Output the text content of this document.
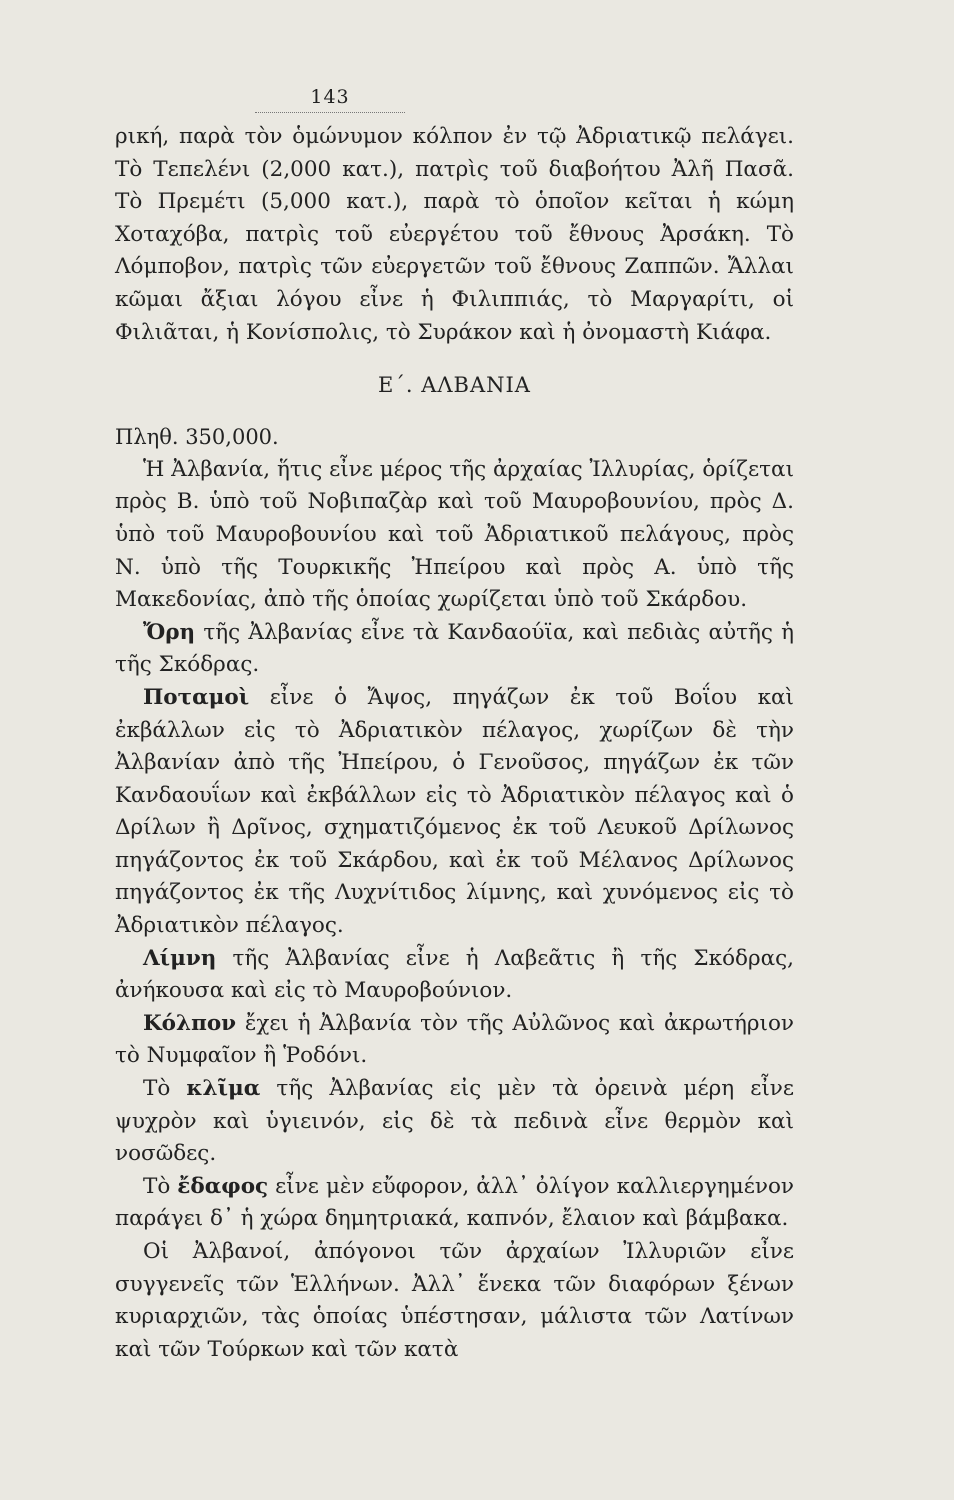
143

ρική, παρὰ τὸν ὁμώνυμον κόλπον ἐν τῷ Ἀδριατικῷ πελάγει. Τὸ Τεπελένι (2,000 κατ.), πατρὶς τοῦ διαβοήτου Ἀλῆ Πασᾶ. Τὸ Πρεμέτι (5,000 κατ.), παρὰ τὸ ὁποῖον κεῖται ἡ κώμη Χοταχόβα, πατρὶς τοῦ εὐεργέτου τοῦ ἔθνους Ἀρσάκη. Τὸ Λόμποβον, πατρὶς τῶν εὐεργετῶν τοῦ ἔθνους Ζαππῶν. Ἄλλαι κῶμαι ἄξιαι λόγου εἶνε ἡ Φιλιππιάς, τὸ Μαργαρίτι, οἱ Φιλιᾶται, ἡ Κονίσπολις, τὸ Συράκον καὶ ἡ ὀνομαστὴ Κιάφα.

Ε΄. ΑΛΒΑΝΙΑ

Πληθ. 350,000.

Ἡ Ἀλβανία, ἥτις εἶνε μέρος τῆς ἀρχαίας Ἰλλυρίας, ὁρίζεται πρὸς Β. ὑπὸ τοῦ Νοβιπαζὰρ καὶ τοῦ Μαυροβουνίου, πρὸς Δ. ὑπὸ τοῦ Μαυροβουνίου καὶ τοῦ Ἀδριατικοῦ πελάγους, πρὸς Ν. ὑπὸ τῆς Τουρκικῆς Ἠπείρου καὶ πρὸς Α. ὑπὸ τῆς Μακεδονίας, ἀπὸ τῆς ὁποίας χωρίζεται ὑπὸ τοῦ Σκάρδου.

Ὄρη τῆς Ἀλβανίας εἶνε τὰ Κανδαούϊα, καὶ πεδιὰς αὐτῆς ἡ τῆς Σκόδρας.

Ποταμοὶ εἶνε ὁ Ἄψος, πηγάζων ἐκ τοῦ Βοΐου καὶ ἐκβάλλων εἰς τὸ Ἀδριατικὸν πέλαγος, χωρίζων δὲ τὴν Ἀλβανίαν ἀπὸ τῆς Ἠπείρου, ὁ Γενοῦσος, πηγάζων ἐκ τῶν Κανδαουΐων καὶ ἐκβάλλων εἰς τὸ Ἀδριατικὸν πέλαγος καὶ ὁ Δρίλων ἢ Δρῖνος, σχηματιζόμενος ἐκ τοῦ Λευκοῦ Δρίλωνος πηγάζοντος ἐκ τοῦ Σκάρδου, καὶ ἐκ τοῦ Μέλανος Δρίλωνος πηγάζοντος ἐκ τῆς Λυχνίτιδος λίμνης, καὶ χυνόμενος εἰς τὸ Ἀδριατικὸν πέλαγος.

Λίμνη τῆς Ἀλβανίας εἶνε ἡ Λαβεᾶτις ἢ τῆς Σκόδρας, ἀνήκουσα καὶ εἰς τὸ Μαυροβούνιον.

Κόλπον ἔχει ἡ Ἀλβανία τὸν τῆς Αὐλῶνος καὶ ἀκρωτήριον τὸ Νυμφαῖον ἢ Ῥοδόνι.

Τὸ κλῖμα τῆς Ἀλβανίας εἰς μὲν τὰ ὀρεινὰ μέρη εἶνε ψυχρὸν καὶ ὑγιεινόν, εἰς δὲ τὰ πεδινὰ εἶνε θερμὸν καὶ νοσῶδες.

Τὸ ἔδαφος εἶνε μὲν εὔφορον, ἀλλ᾽ ὀλίγον καλλιεργημένον παράγει δ᾽ ἡ χώρα δημητριακά, καπνόν, ἔλαιον καὶ βάμβακα.

Οἱ Ἀλβανοί, ἀπόγονοι τῶν ἀρχαίων Ἰλλυριῶν εἶνε συγγενεῖς τῶν Ἑλλήνων. Ἀλλ᾽ ἕνεκα τῶν διαφόρων ξένων κυριαρχιῶν, τὰς ὁποίας ὑπέστησαν, μάλιστα τῶν Λατίνων καὶ τῶν Τούρκων καὶ τῶν κατὰ
